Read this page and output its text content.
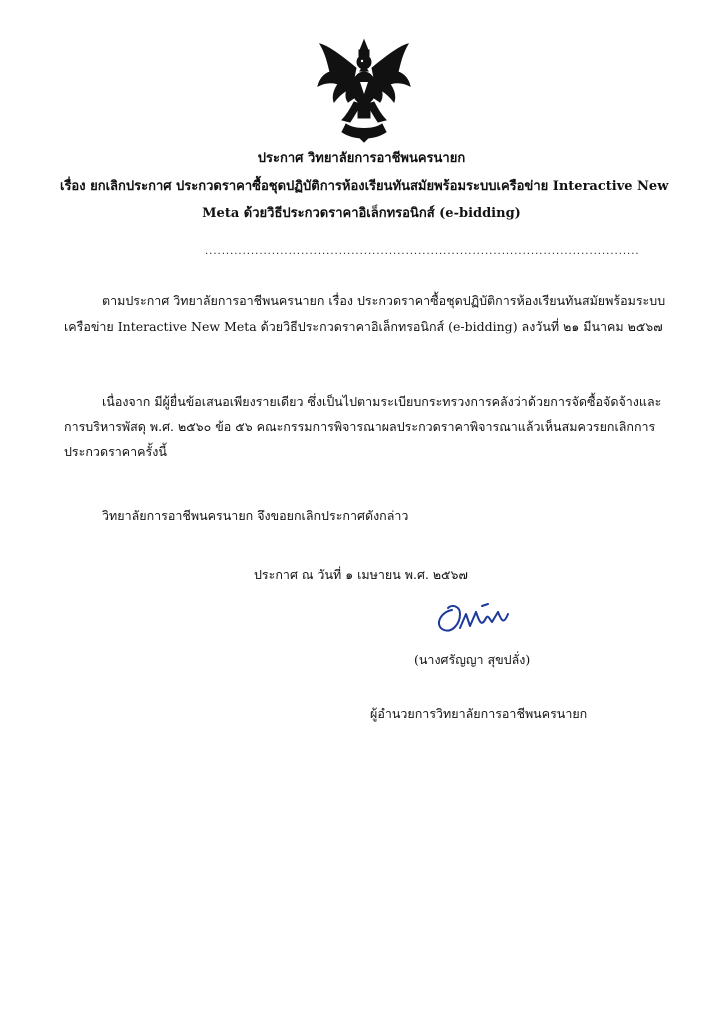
ประกาศ วิทยาลัยการอาชีพนครนายก
เรื่อง ยกเลิกประกาศ ประกวดราคาซื้อชุดปฏิบัติการห้องเรียนทันสมัยพร้อมระบบเครือข่าย Interactive New
Meta ด้วยวิธีประกวดราคาอิเล็กทรอนิกส์ (e-bidding)
........................................................................................................
ตามประกาศ วิทยาลัยการอาชีพนครนายก เรื่อง ประกวดราคาซื้อชุดปฏิบัติการห้องเรียนทันสมัยพร้อมระบบ
เครือข่าย Interactive New Meta ด้วยวิธีประกวดราคาอิเล็กทรอนิกส์ (e-bidding) ลงวันที่ ๒๑ มีนาคม ๒๕๖๗
เนื่องจาก มีผู้ยื่นข้อเสนอเพียงรายเดียว ซึ่งเป็นไปตามระเบียบกระทรวงการคลังว่าด้วยการจัดซื้อจัดจ้างและ
การบริหารพัสดุ พ.ศ. ๒๕๖๐ ข้อ ๕๖ คณะกรรมการพิจารณาผลประกวดราคาพิจารณาแล้วเห็นสมควรยกเลิกการ
ประกวดราคาครั้งนี้
วิทยาลัยการอาชีพนครนายก จึงขอยกเลิกประกาศดังกล่าว
ประกาศ ณ วันที่ ๑ เมษายน พ.ศ. ๒๕๖๗
(นางศรัญญา สุขปลั่ง)
ผู้อำนวยการวิทยาลัยการอาชีพนครนายก
